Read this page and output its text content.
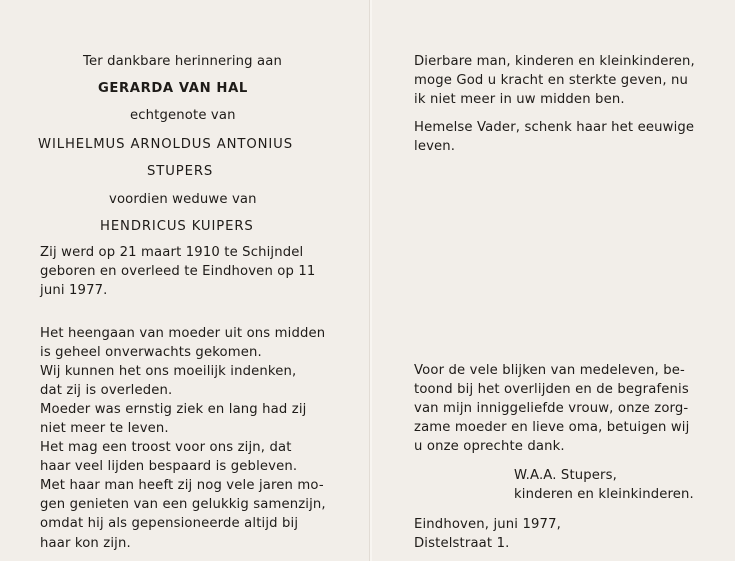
Ter dankbare herinnering aan
GERARDA VAN HAL
echtgenote van
WILHELMUS ARNOLDUS ANTONIUS
STUPERS
voordien weduwe van
HENDRICUS KUIPERS
Zij werd op 21 maart 1910 te Schijndel
geboren en overleed te Eindhoven op 11
juni 1977.
Het heengaan van moeder uit ons midden
is geheel onverwachts gekomen.
Wij kunnen het ons moeilijk indenken,
dat zij is overleden.
Moeder was ernstig ziek en lang had zij
niet meer te leven.
Het mag een troost voor ons zijn, dat
haar veel lijden bespaard is gebleven.
Met haar man heeft zij nog vele jaren mo-
gen genieten van een gelukkig samenzijn,
omdat hij als gepensioneerde altijd bij
haar kon zijn.
Dierbare man, kinderen en kleinkinderen,
moge God u kracht en sterkte geven, nu
ik niet meer in uw midden ben.
Hemelse Vader, schenk haar het eeuwige
leven.
Voor de vele blijken van medeleven, be-
toond bij het overlijden en de begrafenis
van mijn inniggeliefde vrouw, onze zorg-
zame moeder en lieve oma, betuigen wij
u onze oprechte dank.
W.A.A. Stupers,
kinderen en kleinkinderen.
Eindhoven, juni 1977,
Distelstraat 1.
